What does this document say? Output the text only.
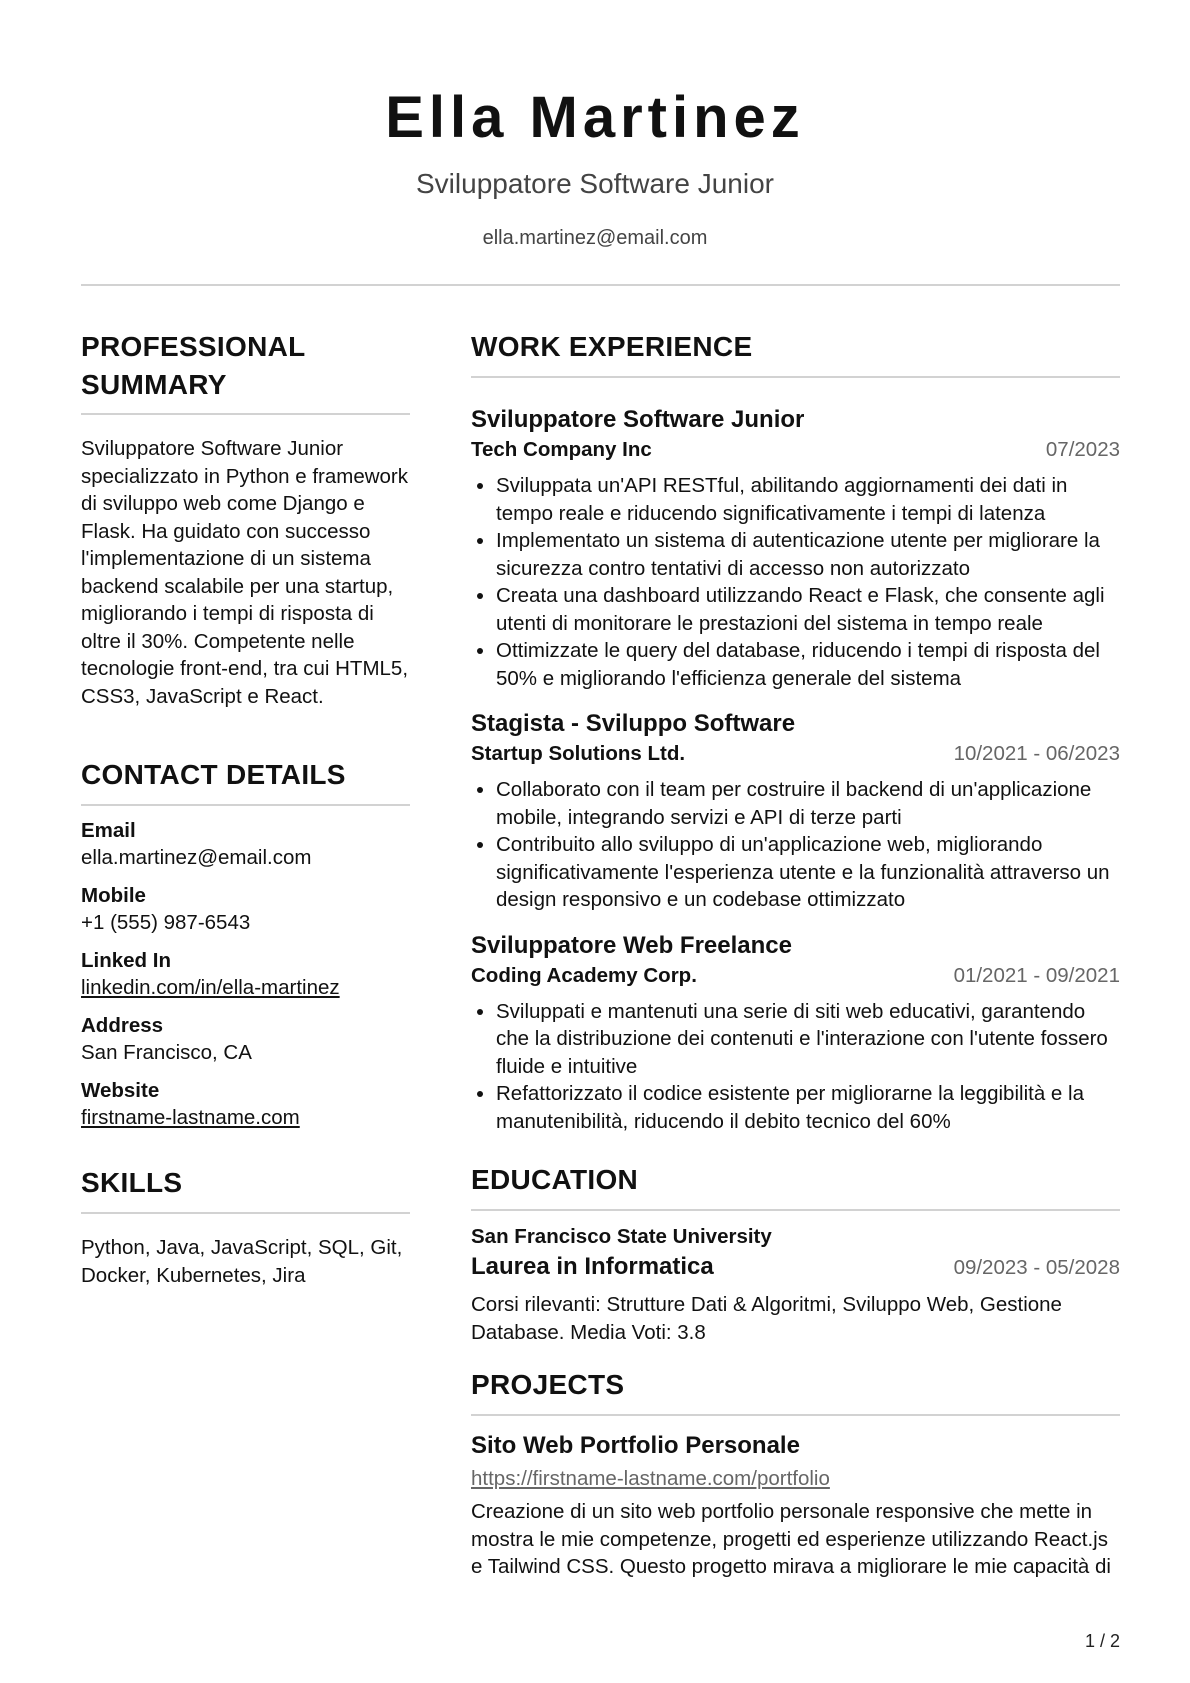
Ella Martinez
Sviluppatore Software Junior
ella.martinez@email.com
PROFESSIONAL SUMMARY

Sviluppatore Software Junior specializzato in Python e framework di sviluppo web come Django e Flask. Ha guidato con successo l'implementazione di un sistema backend scalabile per una startup, migliorando i tempi di risposta di oltre il 30%. Competente nelle tecnologie front-end, tra cui HTML5, CSS3, JavaScript e React.

CONTACT DETAILS
Email
ella.martinez@email.com
Mobile
+1 (555) 987-6543
Linked In
linkedin.com/in/ella-martinez
Address
San Francisco, CA
Website
firstname-lastname.com
SKILLS

Python, Java, JavaScript, SQL, Git, Docker, Kubernetes, Jira

WORK EXPERIENCE
Sviluppatore Software Junior
Tech Company Inc	07/2023
• Sviluppata un'API RESTful, abilitando aggiornamenti dei dati in tempo reale e riducendo significativamente i tempi di latenza
• Implementato un sistema di autenticazione utente per migliorare la sicurezza contro tentativi di accesso non autorizzato
• Creata una dashboard utilizzando React e Flask, che consente agli utenti di monitorare le prestazioni del sistema in tempo reale
• Ottimizzate le query del database, riducendo i tempi di risposta del 50% e migliorando l'efficienza generale del sistema
Stagista - Sviluppo Software
Startup Solutions Ltd.	10/2021 - 06/2023
• Collaborato con il team per costruire il backend di un'applicazione mobile, integrando servizi e API di terze parti
• Contribuito allo sviluppo di un'applicazione web, migliorando significativamente l'esperienza utente e la funzionalità attraverso un design responsivo e un codebase ottimizzato
Sviluppatore Web Freelance
Coding Academy Corp.	01/2021 - 09/2021
• Sviluppati e mantenuti una serie di siti web educativi, garantendo che la distribuzione dei contenuti e l'interazione con l'utente fossero fluide e intuitive
• Refattorizzato il codice esistente per migliorarne la leggibilità e la manutenibilità, riducendo il debito tecnico del 60%
EDUCATION
San Francisco State University
Laurea in Informatica	09/2023 - 05/2028

Corsi rilevanti: Strutture Dati & Algoritmi, Sviluppo Web, Gestione Database. Media Voti: 3.8

PROJECTS
Sito Web Portfolio Personale
https://firstname-lastname.com/portfolio

Creazione di un sito web portfolio personale responsive che mette in mostra le mie competenze, progetti ed esperienze utilizzando React.js e Tailwind CSS. Questo progetto mirava a migliorare le mie capacità di

1 / 2
